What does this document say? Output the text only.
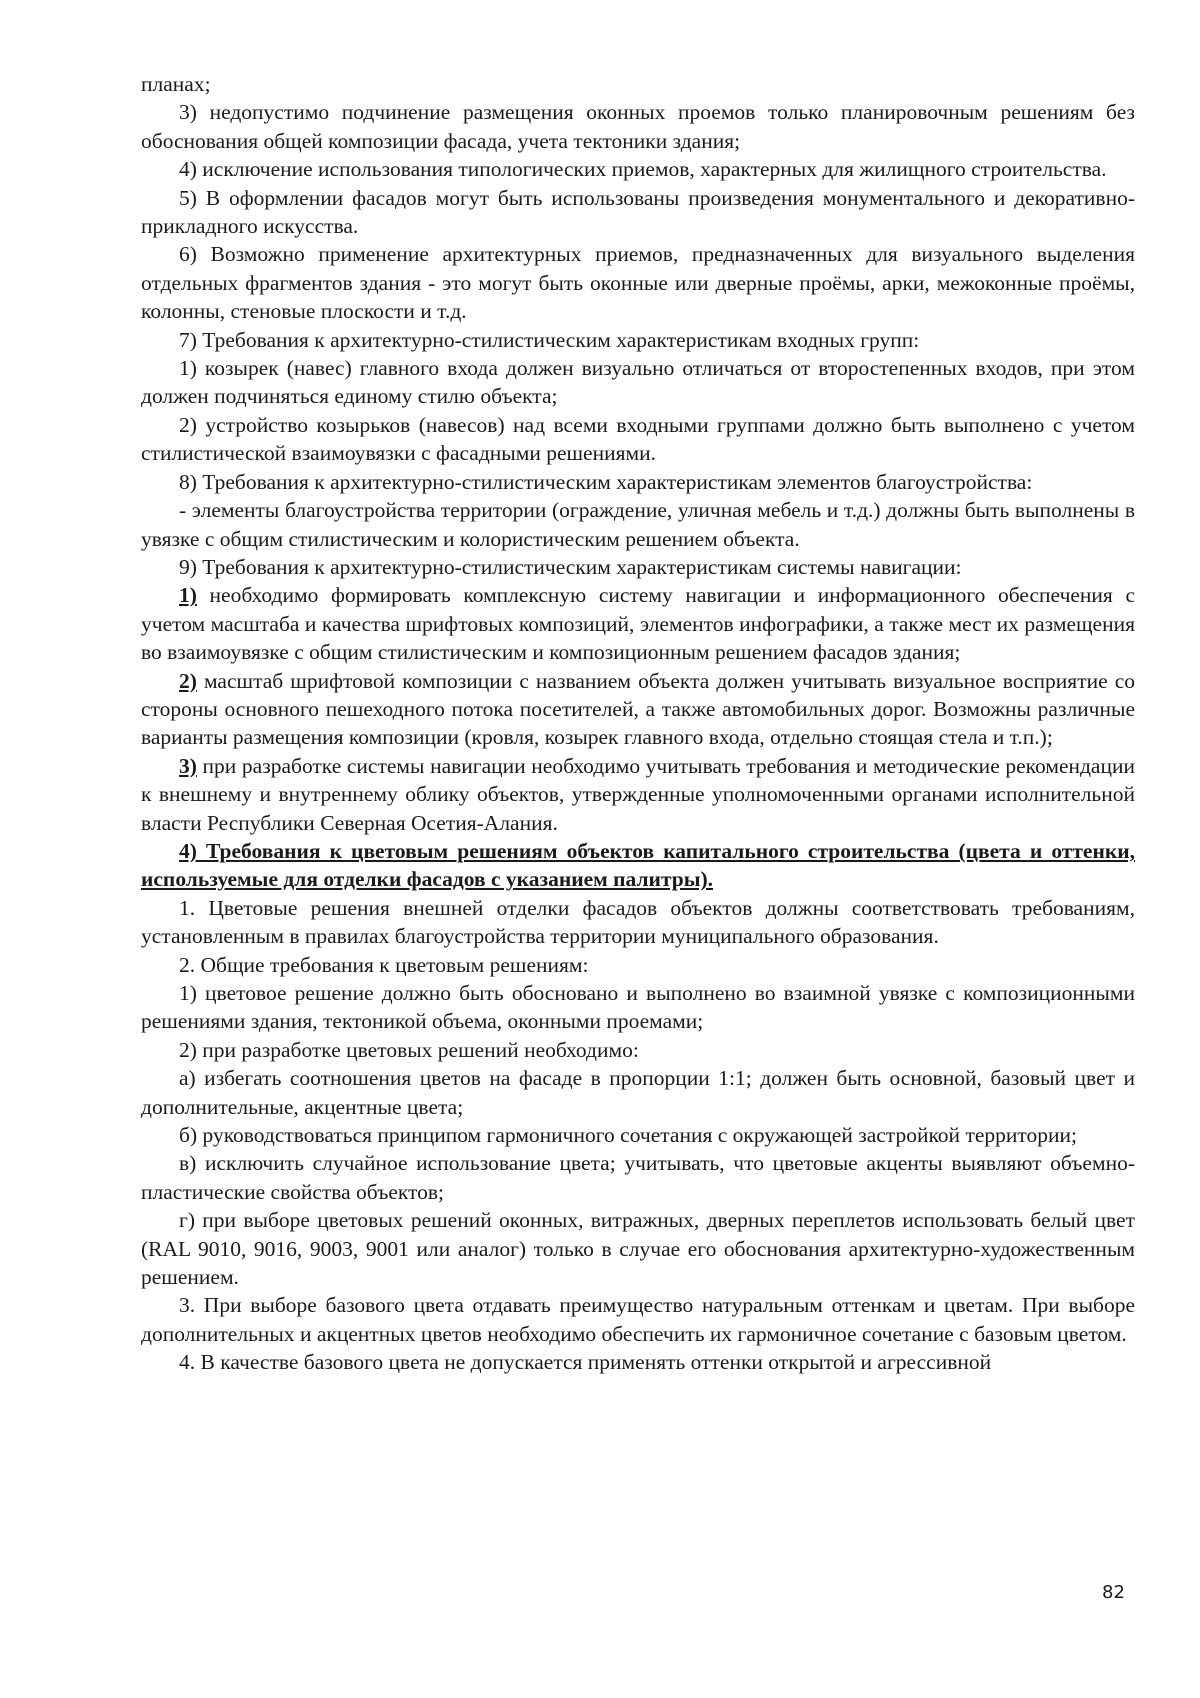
планах;

3) недопустимо подчинение размещения оконных проемов только планировочным решениям без обоснования общей композиции фасада, учета тектоники здания;

4) исключение использования типологических приемов, характерных для жилищного строительства.

5) В оформлении фасадов могут быть использованы произведения монументального и декоративно-прикладного искусства.

6) Возможно применение архитектурных приемов, предназначенных для визуального выделения отдельных фрагментов здания - это могут быть оконные или дверные проёмы, арки, межоконные проёмы, колонны, стеновые плоскости и т.д.

7) Требования к архитектурно-стилистическим характеристикам входных групп:

1) козырек (навес) главного входа должен визуально отличаться от второстепенных входов, при этом должен подчиняться единому стилю объекта;

2) устройство козырьков (навесов) над всеми входными группами должно быть выполнено с учетом стилистической взаимоувязки с фасадными решениями.

8) Требования к архитектурно-стилистическим характеристикам элементов благоустройства:

- элементы благоустройства территории (ограждение, уличная мебель и т.д.) должны быть выполнены в увязке с общим стилистическим и колористическим решением объекта.

9) Требования к архитектурно-стилистическим характеристикам системы навигации:

1) необходимо формировать комплексную систему навигации и информационного обеспечения с учетом масштаба и качества шрифтовых композиций, элементов инфографики, а также мест их размещения во взаимоувязке с общим стилистическим и композиционным решением фасадов здания;

2) масштаб шрифтовой композиции с названием объекта должен учитывать визуальное восприятие со стороны основного пешеходного потока посетителей, а также автомобильных дорог. Возможны различные варианты размещения композиции (кровля, козырек главного входа, отдельно стоящая стела и т.п.);

3) при разработке системы навигации необходимо учитывать требования и методические рекомендации к внешнему и внутреннему облику объектов, утвержденные уполномоченными органами исполнительной власти Республики Северная Осетия-Алания.

4) Требования к цветовым решениям объектов капитального строительства (цвета и оттенки, используемые для отделки фасадов с указанием палитры).

1. Цветовые решения внешней отделки фасадов объектов должны соответствовать требованиям, установленным в правилах благоустройства территории муниципального образования.

2. Общие требования к цветовым решениям:

1) цветовое решение должно быть обосновано и выполнено во взаимной увязке с композиционными решениями здания, тектоникой объема, оконными проемами;

2) при разработке цветовых решений необходимо:

а) избегать соотношения цветов на фасаде в пропорции 1:1; должен быть основной, базовый цвет и дополнительные, акцентные цвета;

б) руководствоваться принципом гармоничного сочетания с окружающей застройкой территории;

в) исключить случайное использование цвета; учитывать, что цветовые акценты выявляют объемно-пластические свойства объектов;

г) при выборе цветовых решений оконных, витражных, дверных переплетов использовать белый цвет (RAL 9010, 9016, 9003, 9001 или аналог) только в случае его обоснования архитектурно-художественным решением.

3. При выборе базового цвета отдавать преимущество натуральным оттенкам и цветам. При выборе дополнительных и акцентных цветов необходимо обеспечить их гармоничное сочетание с базовым цветом.

4. В качестве базового цвета не допускается применять оттенки открытой и агрессивной

82
